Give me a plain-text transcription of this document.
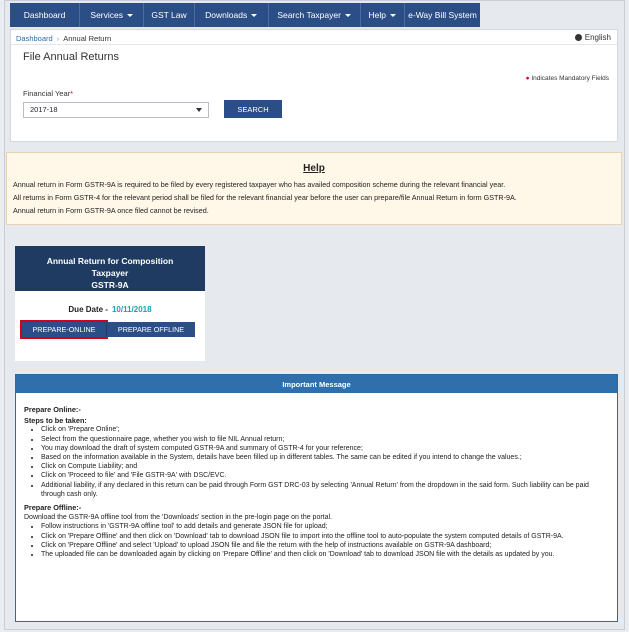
Dashboard	Services	GST Law Downloads	Search Taxpayer	Help	e-Way Bill System
Dashboard › Annual Return	English
File Annual Returns
● Indicates Mandatory Fields
Financial Year*
2017-18	SEARCH
Help
Annual return in Form GSTR-9A is required to be filed by every registered taxpayer who has availed composition scheme during the relevant financial year.
All returns in Form GSTR-4 for the relevant period shall be filed for the relevant financial year before the user can prepare/file Annual Return in form GSTR-9A.
Annual return in Form GSTR-9A once filed cannot be revised.
Annual Return for Composition
Taxpayer
GSTR-9A
Due Date - 10/11/2018
PREPARE-ONLINE	PREPARE OFFLINE
Important Message
Prepare Online:-
Steps to be taken:
• Click on 'Prepare Online';
• Select from the questionnaire page, whether you wish to file NIL Annual return;
• You may download the draft of system computed GSTR-9A and summary of GSTR-4 for your reference;
• Based on the information available in the System, details have been filled up in different tables. The same can be edited if you intend to change the values.;
• Click on Compute Liability; and
• Click on 'Proceed to file' and 'File GSTR-9A' with DSC/EVC.
• Additional liability, if any declared in this return can be paid through Form GST DRC-03 by selecting 'Annual Return' from the dropdown in the said form. Such liability can be paid through cash only.
Prepare Offline:-
Download the GSTR-9A offline tool from the 'Downloads' section in the pre-login page on the portal.
• Follow instructions in 'GSTR-9A offline tool' to add details and generate JSON file for upload;
• Click on 'Prepare Offline' and then click on 'Download' tab to download JSON file to import into the offline tool to auto-populate the system computed details of GSTR-9A.
• Click on 'Prepare Offline' and select 'Upload' to upload JSON file and file the return with the help of instructions available on GSTR-9A dashboard;
• The uploaded file can be downloaded again by clicking on 'Prepare Offline' and then click on 'Download' tab to download JSON file with the details as updated by you.
